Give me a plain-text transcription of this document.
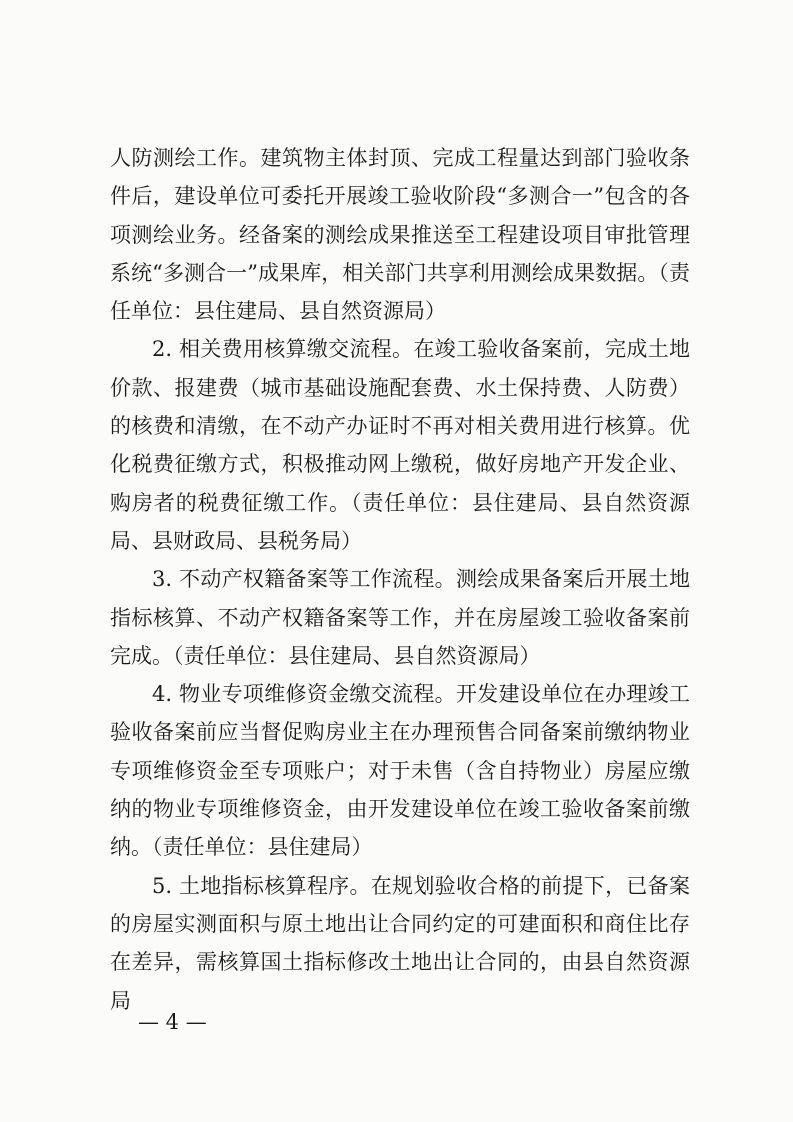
人防测绘工作。建筑物主体封顶、完成工程量达到部门验收条件后，建设单位可委托开展竣工验收阶段“多测合一”包含的各项测绘业务。经备案的测绘成果推送至工程建设项目审批管理系统“多测合一”成果库，相关部门共享利用测绘成果数据。（责任单位：县住建局、县自然资源局）

2. 相关费用核算缴交流程。在竣工验收备案前，完成土地价款、报建费（城市基础设施配套费、水土保持费、人防费）的核费和清缴，在不动产办证时不再对相关费用进行核算。优化税费征缴方式，积极推动网上缴税，做好房地产开发企业、购房者的税费征缴工作。（责任单位：县住建局、县自然资源局、县财政局、县税务局）

3. 不动产权籍备案等工作流程。测绘成果备案后开展土地指标核算、不动产权籍备案等工作，并在房屋竣工验收备案前完成。（责任单位：县住建局、县自然资源局）

4. 物业专项维修资金缴交流程。开发建设单位在办理竣工验收备案前应当督促购房业主在办理预售合同备案前缴纳物业专项维修资金至专项账户；对于未售（含自持物业）房屋应缴纳的物业专项维修资金，由开发建设单位在竣工验收备案前缴纳。（责任单位：县住建局）

5. 土地指标核算程序。在规划验收合格的前提下，已备案的房屋实测面积与原土地出让合同约定的可建面积和商住比存在差异，需核算国土指标修改土地出让合同的，由县自然资源局

— 4 —
